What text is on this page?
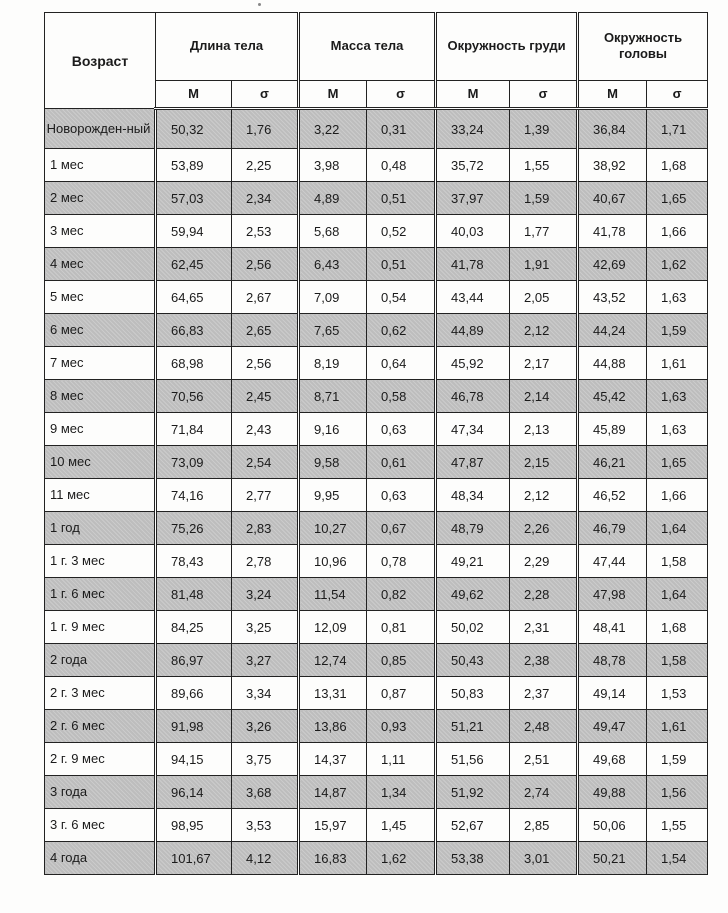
Возраст	Длина тела		Масса тела		Окружность груди		Окружность головы	
	M	σ	M	σ	M	σ	M	σ
Новорожден-ный	50,32	1,76	3,22	0,31	33,24	1,39	36,84	1,71
1 мес	53,89	2,25	3,98	0,48	35,72	1,55	38,92	1,68
2 мес	57,03	2,34	4,89	0,51	37,97	1,59	40,67	1,65
3 мес	59,94	2,53	5,68	0,52	40,03	1,77	41,78	1,66
4 мес	62,45	2,56	6,43	0,51	41,78	1,91	42,69	1,62
5 мес	64,65	2,67	7,09	0,54	43,44	2,05	43,52	1,63
6 мес	66,83	2,65	7,65	0,62	44,89	2,12	44,24	1,59
7 мес	68,98	2,56	8,19	0,64	45,92	2,17	44,88	1,61
8 мес	70,56	2,45	8,71	0,58	46,78	2,14	45,42	1,63
9 мес	71,84	2,43	9,16	0,63	47,34	2,13	45,89	1,63
10 мес	73,09	2,54	9,58	0,61	47,87	2,15	46,21	1,65
11 мес	74,16	2,77	9,95	0,63	48,34	2,12	46,52	1,66
1 год	75,26	2,83	10,27	0,67	48,79	2,26	46,79	1,64
1 г. 3 мес	78,43	2,78	10,96	0,78	49,21	2,29	47,44	1,58
1 г. 6 мес	81,48	3,24	11,54	0,82	49,62	2,28	47,98	1,64
1 г. 9 мес	84,25	3,25	12,09	0,81	50,02	2,31	48,41	1,68
2 года	86,97	3,27	12,74	0,85	50,43	2,38	48,78	1,58
2 г. 3 мес	89,66	3,34	13,31	0,87	50,83	2,37	49,14	1,53
2 г. 6 мес	91,98	3,26	13,86	0,93	51,21	2,48	49,47	1,61
2 г. 9 мес	94,15	3,75	14,37	1,11	51,56	2,51	49,68	1,59
3 года	96,14	3,68	14,87	1,34	51,92	2,74	49,88	1,56
3 г. 6 мес	98,95	3,53	15,97	1,45	52,67	2,85	50,06	1,55
4 года	101,67	4,12	16,83	1,62	53,38	3,01	50,21	1,54
